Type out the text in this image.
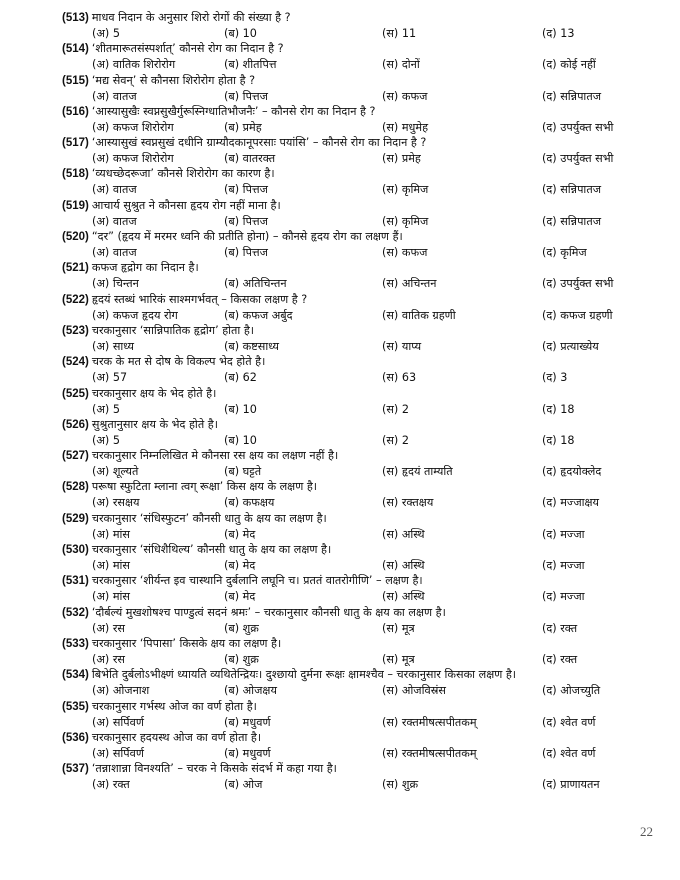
(513) माधव निदान के अनुसार शिरो रोगों की संख्या है ?
(अ) 5	(ब) 10	(स) 11	(द) 13
(514) ‘शीतमारूतसंस्पर्शात्’ कौनसे रोग का निदान है ?
(अ) वातिक शिरोरोग	(ब) शीतपित्त	(स) दोनों	(द) कोई नहीं
(515) ‘मद्य सेवन्’ से कौनसा शिरोरोग होता है ?
(अ) वातज	(ब) पित्तज	(स) कफज	(द) सन्निपातज
(516) ‘आस्यासुखैः स्वप्नसुखैर्गुरूस्निग्धातिभौजनैः’ – कौनसे रोग का निदान है ?
(अ) कफज शिरोरोग	(ब) प्रमेह	(स) मधुमेह	(द) उपर्युक्त सभी
(517) ‘आस्यासुखं स्वप्नसुखं दधीनि ग्राम्यौदकानूपरसाः पयांसि’ – कौनसे रोग का निदान है ?
(अ) कफज शिरोरोग	(ब) वातरक्त	(स) प्रमेह	(द) उपर्युक्त सभी
(518) ‘व्यधच्छेदरूजा’ कौनसे शिरोरोग का कारण है।
(अ) वातज	(ब) पित्तज	(स) कृमिज	(द) सन्निपातज
(519) आचार्य सुश्रुत ने कौनसा हृदय रोग नहीं माना है।
(अ) वातज	(ब) पित्तज	(स) कृमिज	(द) सन्निपातज
(520) “दर” (हृदय में मरमर ध्वनि की प्रतीति होना) – कौनसे हृदय रोग का लक्षण हैं।
(अ) वातज	(ब) पित्तज	(स) कफज	(द) कृमिज
(521) कफज हृद्रोग का निदान है।
(अ) चिन्तन	(ब) अतिचिन्तन	(स) अचिन्तन	(द) उपर्युक्त सभी
(522) हृदयं स्तब्धं भारिकं साश्मगर्भवत् – किसका लक्षण है ?
(अ) कफज हृदय रोग	(ब) कफज अर्बुद	(स) वातिक ग्रहणी	(द) कफज ग्रहणी
(523) चरकानुसार ‘सान्निपातिक हृद्रोग’ होता है।
(अ) साध्य	(ब) कष्टसाध्य	(स) याप्य	(द) प्रत्याख्येय
(524) चरक के मत से दोष के विकल्प भेद होते है।
(अ) 57	(ब) 62	(स) 63	(द) 3
(525) चरकानुसार क्षय के भेद होते है।
(अ) 5	(ब) 10	(स) 2	(द) 18
(526) सुश्रुतानुसार क्षय के भेद होते है।
(अ) 5	(ब) 10	(स) 2	(द) 18
(527) चरकानुसार निम्नलिखित मे कौनसा रस क्षय का लक्षण नहीं है।
(अ) शूल्यते	(ब) घट्टते	(स) हृदयं ताम्यति	(द) हृदयोक्लेद
(528) परूषा स्फुटिता म्लाना त्वग् रूक्षा’ किस क्षय के लक्षण है।
(अ) रसक्षय	(ब) कफक्षय	(स) रक्तक्षय	(द) मज्जाक्षय
(529) चरकानुसार ‘संधिस्फुटन’ कौनसी धातु के क्षय का लक्षण है।
(अ) मांस	(ब) मेद	(स) अस्थि	(द) मज्जा
(530) चरकानुसार ‘संधिशैथिल्य’ कौनसी धातु के क्षय का लक्षण है।
(अ) मांस	(ब) मेद	(स) अस्थि	(द) मज्जा
(531) चरकानुसार ‘शीर्यन्त इव चास्थानि दुर्बलानि लघूनि च। प्रततं वातरोगीणि’ – लक्षण है।
(अ) मांस	(ब) मेद	(स) अस्थि	(द) मज्जा
(532) ‘दौर्बल्यं मुखशोषश्च पाण्डुत्वं सदनं श्रमः’ – चरकानुसार कौनसी धातु के क्षय का लक्षण है।
(अ) रस	(ब) शुक्र	(स) मूत्र	(द) रक्त
(533) चरकानुसार ‘पिपासा’ किसके क्षय का लक्षण है।
(अ) रस	(ब) शुक्र	(स) मूत्र	(द) रक्त
(534) बिभेति दुर्बलोऽभीक्ष्णं ध्यायति व्यथितेन्द्रियः। दुश्छायो दुर्मना रूक्षः क्षामश्चैव – चरकानुसार किसका लक्षण है।
(अ) ओजनाश	(ब) ओजक्षय	(स) ओजविस्रंस	(द) ओजच्युति
(535) चरकानुसार गर्भस्थ ओज का वर्ण होता है।
(अ) सर्पिवर्ण	(ब) मधुवर्ण	(स) रक्तमीषत्सपीतकम्	(द) श्वेत वर्ण
(536) चरकानुसार हदयस्थ ओज का वर्ण होता है।
(अ) सर्पिवर्ण	(ब) मधुवर्ण	(स) रक्तमीषत्सपीतकम्	(द) श्वेत वर्ण
(537) ‘तन्नाशान्ना विनश्यति’ – चरक ने किसके संदर्भ में कहा गया है।
(अ) रक्त	(ब) ओज	(स) शुक्र	(द) प्राणायतन
22
